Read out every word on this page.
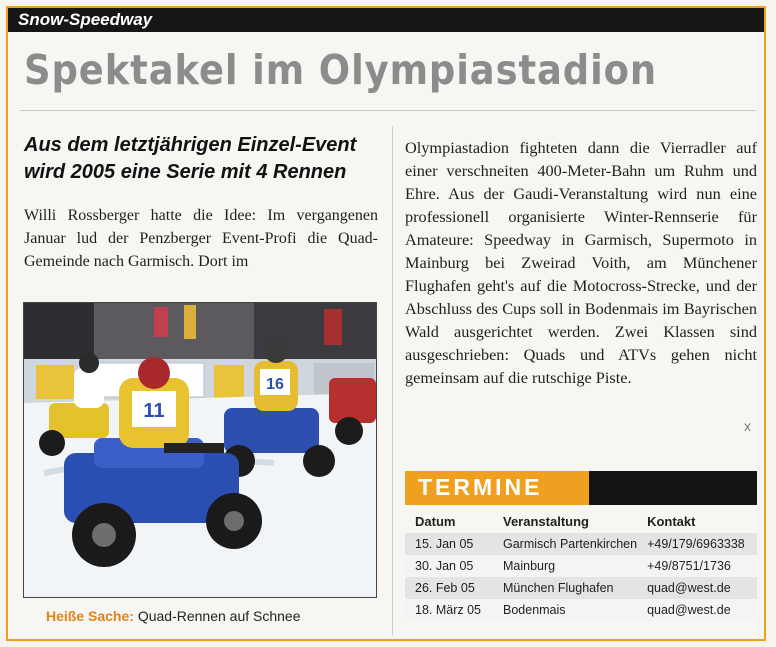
Snow-Speedway
Spektakel im Olympiastadion
Aus dem letztjährigen Einzel-Event wird 2005 eine Serie mit 4 Rennen
Willi Rossberger hatte die Idee: Im vergangenen Januar lud der Penzberger Event-Profi die Quad-Gemeinde nach Garmisch. Dort im
16
11
Heiße Sache: Quad-Rennen auf Schnee
Olympiastadion fighteten dann die Vierradler auf einer verschneiten 400-Meter-Bahn um Ruhm und Ehre. Aus der Gaudi-Veranstaltung wird nun eine professionell organisierte Winter-Rennserie für Amateure: Speedway in Garmisch, Supermoto in Mainburg bei Zweirad Voith, am Münchener Flughafen geht's auf die Motocross-Strecke, und der Abschluss des Cups soll in Bodenmais im Bayrischen Wald ausgerichtet werden. Zwei Klassen sind ausgeschrieben: Quads und ATVs gehen nicht gemeinsam auf die rutschige Piste.
x
TERMINE
Datum	Veranstaltung	Kontakt
15. Jan 05	Garmisch Partenkirchen	+49/179/6963338
30. Jan 05	Mainburg	+49/8751/1736
26. Feb 05	München Flughafen	quad@west.de
18. März 05	Bodenmais	quad@west.de
